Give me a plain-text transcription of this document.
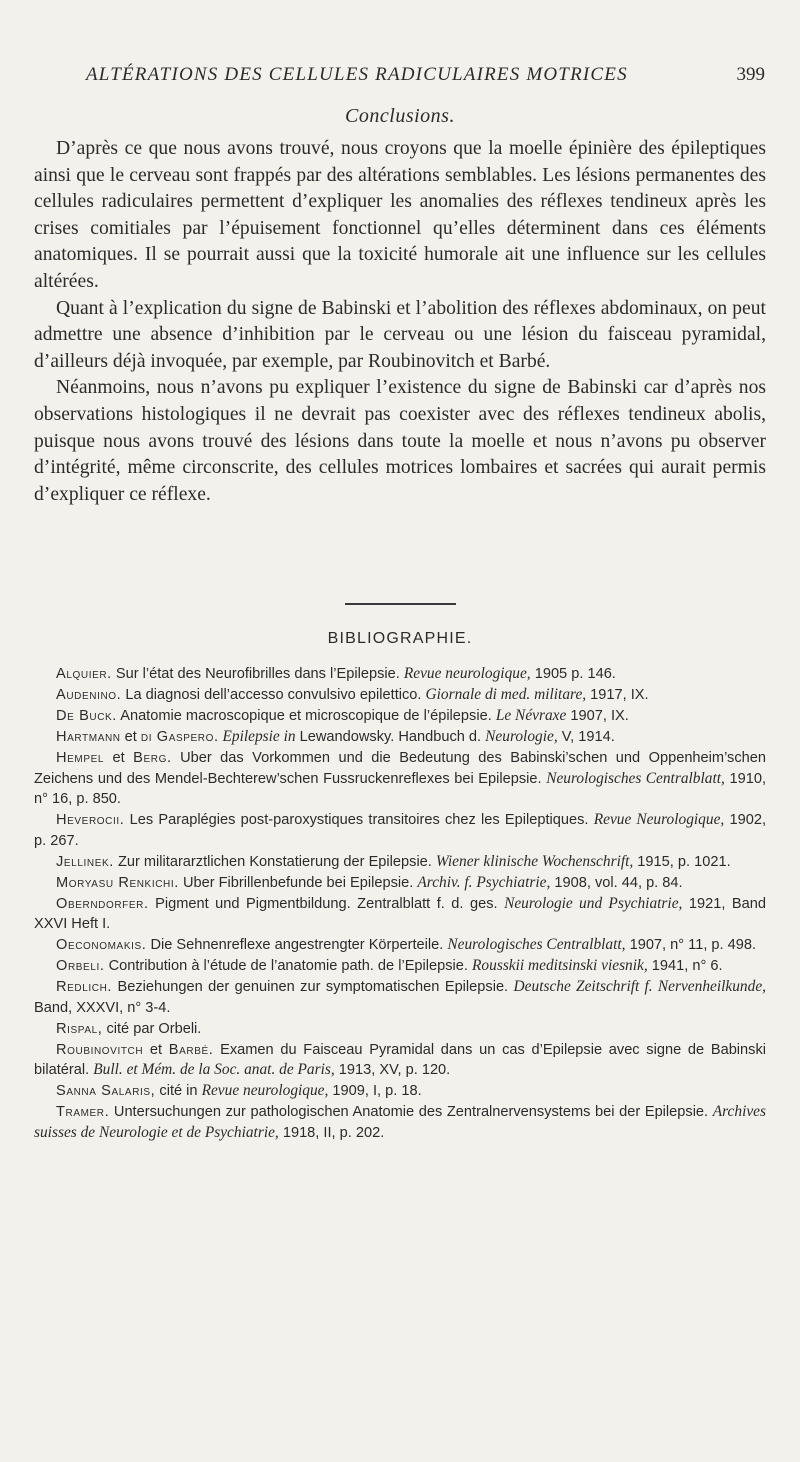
ALTÉRATIONS DES CELLULES RADICULAIRES MOTRICES	399
Conclusions.

D’après ce que nous avons trouvé, nous croyons que la moelle épinière des épileptiques ainsi que le cerveau sont frappés par des altérations semblables. Les lésions permanentes des cellules radiculaires permettent d’expliquer les anomalies des réflexes tendineux après les crises comitiales par l’épuisement fonctionnel qu’elles déterminent dans ces éléments anatomiques. Il se pourrait aussi que la toxicité humorale ait une influence sur les cellules altérées.

Quant à l’explication du signe de Babinski et l’abolition des réflexes abdominaux, on peut admettre une absence d’inhibition par le cerveau ou une lésion du faisceau pyramidal, d’ailleurs déjà invoquée, par exemple, par Roubinovitch et Barbé.

Néanmoins, nous n’avons pu expliquer l’existence du signe de Babinski car d’après nos observations histologiques il ne devrait pas coexister avec des réflexes tendineux abolis, puisque nous avons trouvé des lésions dans toute la moelle et nous n’avons pu observer d’intégrité, même circonscrite, des cellules motrices lombaires et sacrées qui aurait permis d’expliquer ce réflexe.

BIBLIOGRAPHIE.

Alquier. Sur l’état des Neurofibrilles dans l’Epilepsie. Revue neurologique, 1905 p. 146.

Audenino. La diagnosi dell’accesso convulsivo epilettico. Giornale di med. militare, 1917, IX.

De Buck. Anatomie macroscopique et microscopique de l’épilepsie. Le Névraxe 1907, IX.

Hartmann et di Gaspero. Epilepsie in Lewandowsky. Handbuch d. Neurologie, V, 1914.

Hempel et Berg. Uber das Vorkommen und die Bedeutung des Babinski’schen und Oppenheim’schen Zeichens und des Mendel-Bechterew’schen Fussruckenreflexes bei Epilepsie. Neurologisches Centralblatt, 1910, n° 16, p. 850.

Heverocii. Les Paraplégies post-paroxystiques transitoires chez les Epileptiques. Revue Neurologique, 1902, p. 267.

Jellinek. Zur militararztlichen Konstatierung der Epilepsie. Wiener klinische Wochenschrift, 1915, p. 1021.

Moryasu Renkichi. Uber Fibrillenbefunde bei Epilepsie. Archiv. f. Psychiatrie, 1908, vol. 44, p. 84.

Oberndorfer. Pigment und Pigmentbildung. Zentralblatt f. d. ges. Neurologie und Psychiatrie, 1921, Band XXVI Heft I.

Oeconomakis. Die Sehnenreflexe angestrengter Körperteile. Neurologisches Centralblatt, 1907, n° 11, p. 498.

Orbeli. Contribution à l’étude de l’anatomie path. de l’Epilepsie. Rousskii meditsinski viesnik, 1941, n° 6.

Redlich. Beziehungen der genuinen zur symptomatischen Epilepsie. Deutsche Zeitschrift f. Nervenheilkunde, Band, XXXVI, n° 3-4.

Rispal, cité par Orbeli.

Roubinovitch et Barbé. Examen du Faisceau Pyramidal dans un cas d’Epilepsie avec signe de Babinski bilatéral. Bull. et Mém. de la Soc. anat. de Paris, 1913, XV, p. 120.

Sanna Salaris, cité in Revue neurologique, 1909, I, p. 18.

Tramer. Untersuchungen zur pathologischen Anatomie des Zentralnervensystems bei der Epilepsie. Archives suisses de Neurologie et de Psychiatrie, 1918, II, p. 202.
